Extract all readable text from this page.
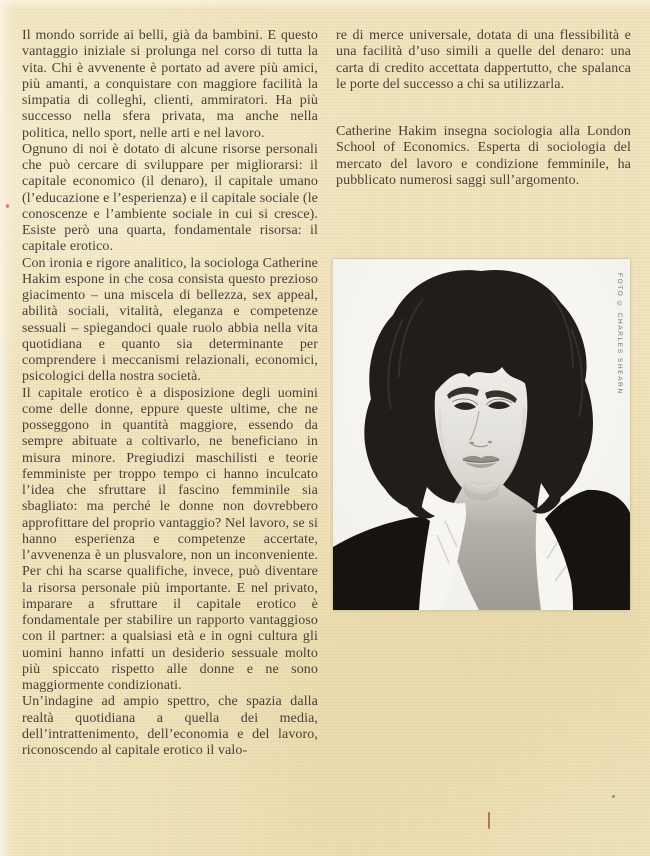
Il mondo sorride ai belli, già da bambini. E questo vantaggio iniziale si prolunga nel corso di tutta la vita. Chi è avvenente è portato ad avere più amici, più amanti, a conquistare con maggiore facilità la simpatia di colleghi, clienti, ammiratori. Ha più successo nella sfera privata, ma anche nella politica, nello sport, nelle arti e nel lavoro.

Ognuno di noi è dotato di alcune risorse personali che può cercare di sviluppare per migliorarsi: il capitale economico (il denaro), il capitale umano (l’educazione e l’esperienza) e il capitale sociale (le conoscenze e l’ambiente sociale in cui si cresce). Esiste però una quarta, fondamentale risorsa: il capitale erotico.

Con ironia e rigore analitico, la sociologa Catherine Hakim espone in che cosa consista questo prezioso giacimento – una miscela di bellezza, sex appeal, abilità sociali, vitalità, eleganza e competenze sessuali – spiegandoci quale ruolo abbia nella vita quotidiana e quanto sia determinante per comprendere i meccanismi relazionali, economici, psicologici della nostra società.

Il capitale erotico è a disposizione degli uomini come delle donne, eppure queste ultime, che ne posseggono in quantità maggiore, essendo da sempre abituate a coltivarlo, ne beneficiano in misura minore. Pregiudizi maschilisti e teorie femministe per troppo tempo ci hanno inculcato l’idea che sfruttare il fascino femminile sia sbagliato: ma perché le donne non dovrebbero approfittare del proprio vantaggio? Nel lavoro, se si hanno esperienza e competenze accertate, l’avvenenza è un plusvalore, non un inconveniente. Per chi ha scarse qualifiche, invece, può diventare la risorsa personale più importante. E nel privato, imparare a sfruttare il capitale erotico è fondamentale per stabilire un rapporto vantaggioso con il partner: a qualsiasi età e in ogni cultura gli uomini hanno infatti un desiderio sessuale molto più spiccato rispetto alle donne e ne sono maggiormente condizionati.

Un’indagine ad ampio spettro, che spazia dalla realtà quotidiana a quella dei media, dell’intrattenimento, dell’economia e del lavoro, riconoscendo al capitale erotico il valo-

re di merce universale, dotata di una flessibilità e una facilità d’uso simili a quelle del denaro: una carta di credito accettata dappertutto, che spalanca le porte del successo a chi sa utilizzarla.

Catherine Hakim insegna sociologia alla London School of Economics. Esperta di sociologia del mercato del lavoro e condizione femminile, ha pubblicato numerosi saggi sull’argomento.

FOTO © CHARLES SHEARN
